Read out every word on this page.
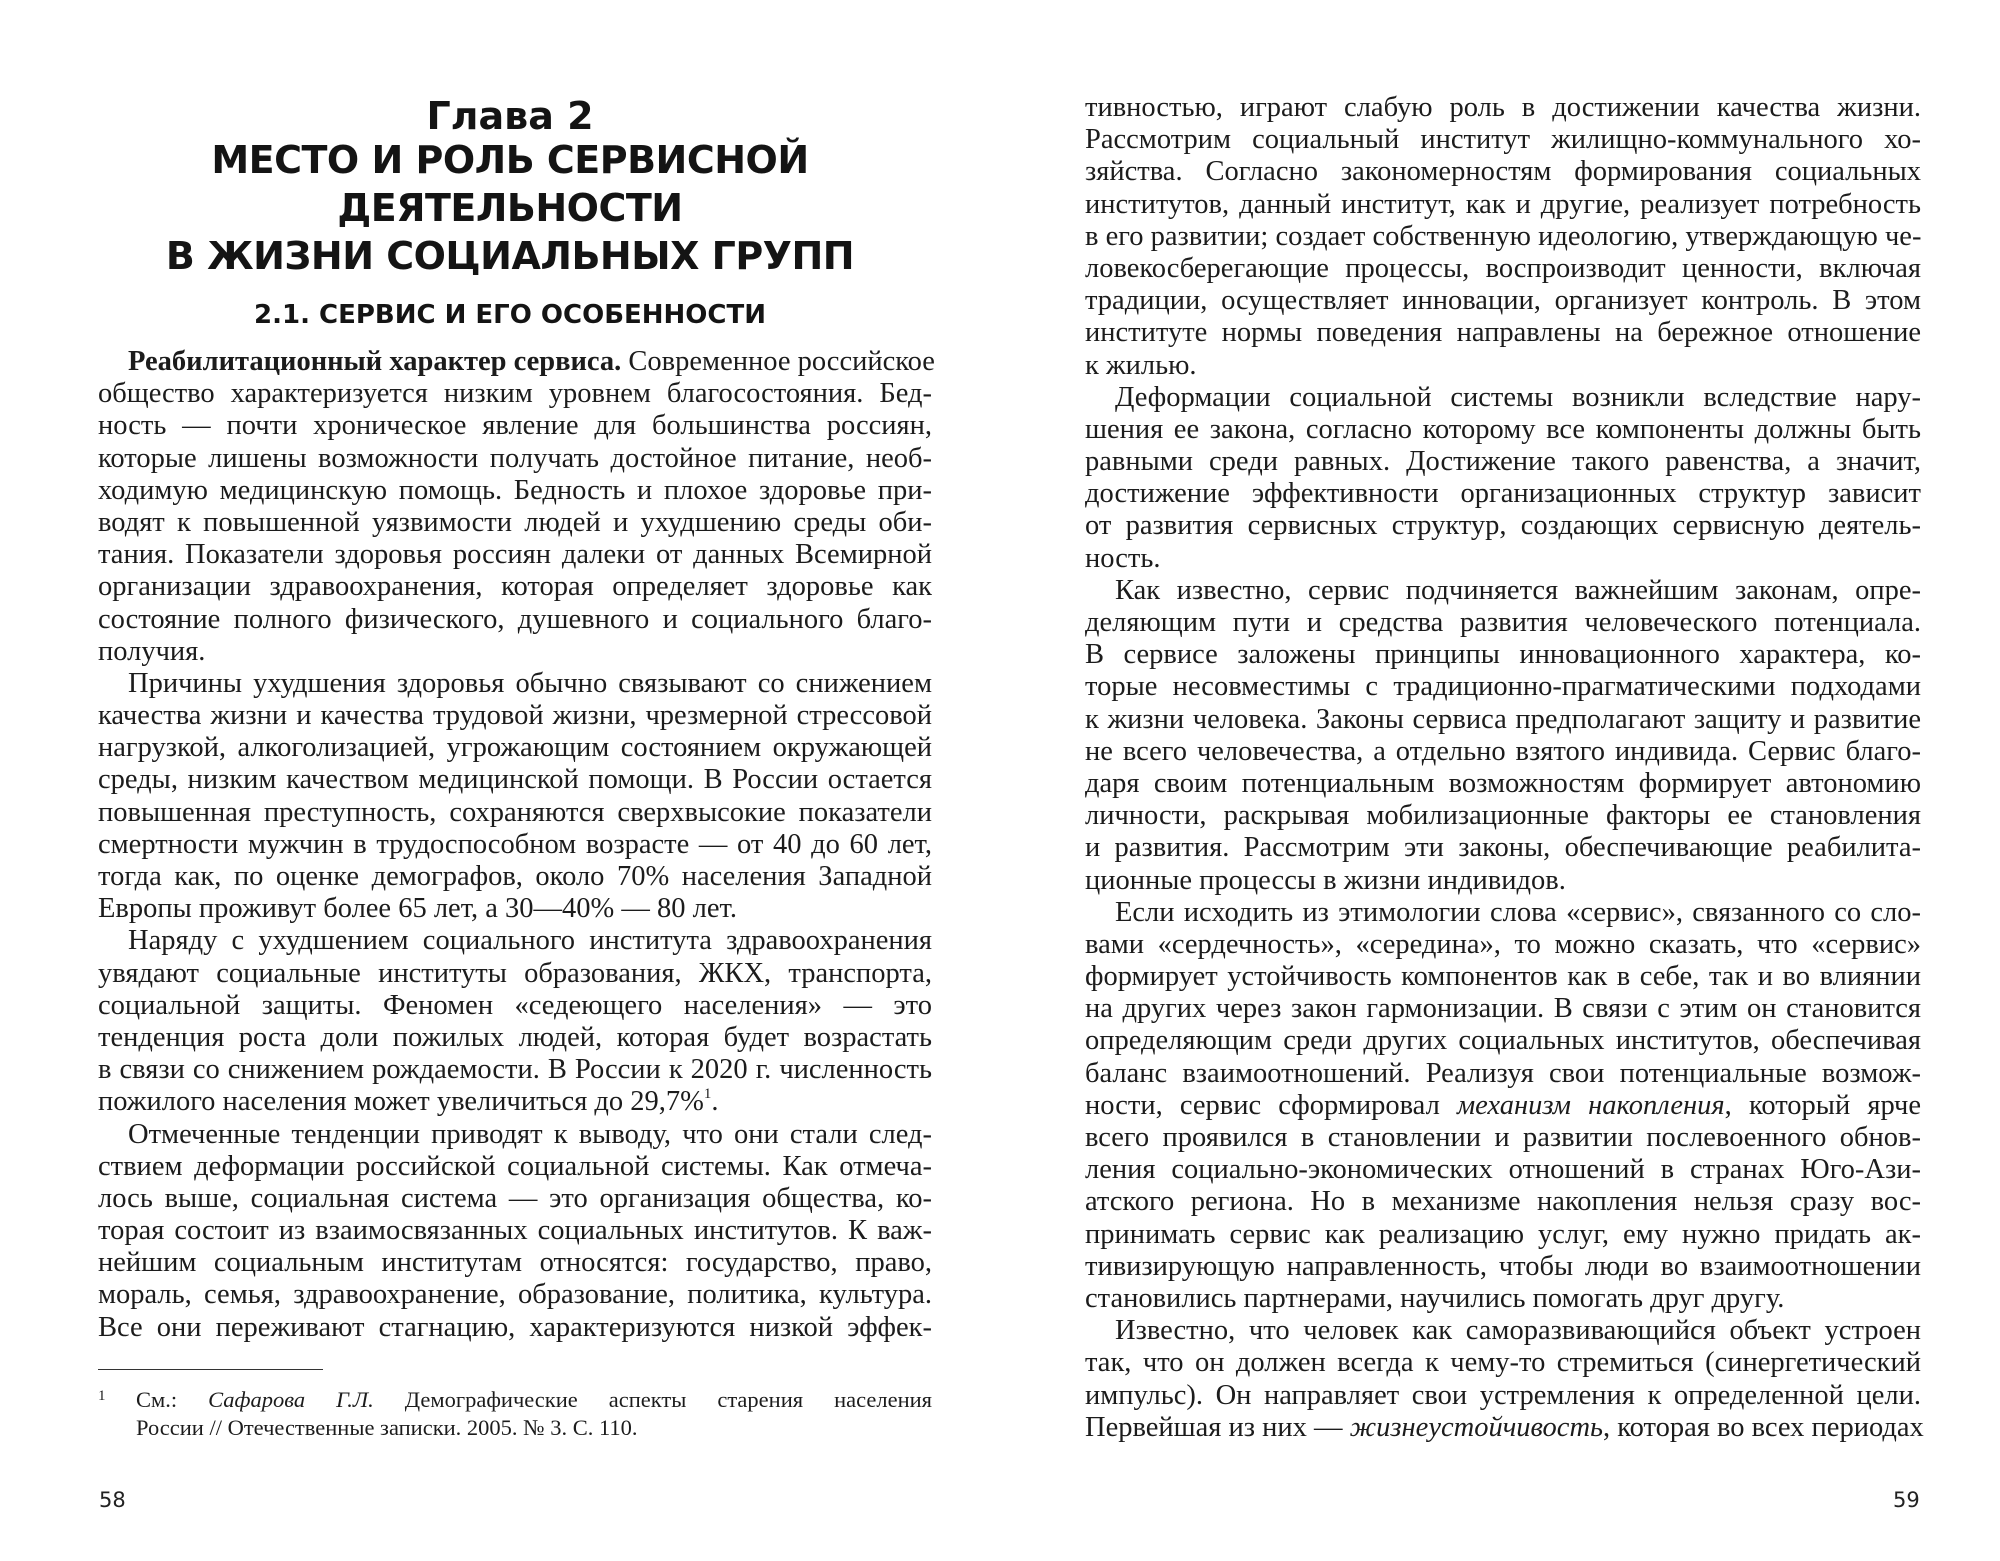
Глава 2
МЕСТО И РОЛЬ СЕРВИСНОЙ ДЕЯТЕЛЬНОСТИ
В ЖИЗНИ СОЦИАЛЬНЫХ ГРУПП
2.1. СЕРВИС И ЕГО ОСОБЕННОСТИ
Реабилитационный характер сервиса. Современное российское
общество характеризуется низким уровнем благосостояния. Бед-
ность — почти хроническое явление для большинства россиян,
которые лишены возможности получать достойное питание, необ-
ходимую медицинскую помощь. Бедность и плохое здоровье при-
водят к повышенной уязвимости людей и ухудшению среды оби-
тания. Показатели здоровья россиян далеки от данных Всемирной
организации здравоохранения, которая определяет здоровье как
состояние полного физического, душевного и социального благо-
получия.
Причины ухудшения здоровья обычно связывают со снижением
качества жизни и качества трудовой жизни, чрезмерной стрессовой
нагрузкой, алкоголизацией, угрожающим состоянием окружающей
среды, низким качеством медицинской помощи. В России остается
повышенная преступность, сохраняются сверхвысокие показатели
смертности мужчин в трудоспособном возрасте — от 40 до 60 лет,
тогда как, по оценке демографов, около 70% населения Западной
Европы проживут более 65 лет, а 30—40% — 80 лет.
Наряду с ухудшением социального института здравоохранения
увядают социальные институты образования, ЖКХ, транспорта,
социальной защиты. Феномен «седеющего населения» — это
тенденция роста доли пожилых людей, которая будет возрастать
в связи со снижением рождаемости. В России к 2020 г. численность
пожилого населения может увеличиться до 29,7%$^1$.
Отмеченные тенденции приводят к выводу, что они стали след-
ствием деформации российской социальной системы. Как отмеча-
лось выше, социальная система — это организация общества, ко-
торая состоит из взаимосвязанных социальных институтов. К важ-
нейшим социальным институтам относятся: государство, право,
мораль, семья, здравоохранение, образование, политика, культура.
Все они переживают стагнацию, характеризуются низкой эффек-
1	См.: Сафарова Г.Л. Демографические аспекты старения населения
России // Отечественные записки. 2005. № 3. С. 110.
58
тивностью, играют слабую роль в достижении качества жизни.
Рассмотрим социальный институт жилищно-коммунального хо-
зяйства. Согласно закономерностям формирования социальных
институтов, данный институт, как и другие, реализует потребность
в его развитии; создает собственную идеологию, утверждающую че-
ловекосберегающие процессы, воспроизводит ценности, включая
традиции, осуществляет инновации, организует контроль. В этом
институте нормы поведения направлены на бережное отношение
к жилью.
Деформации социальной системы возникли вследствие нару-
шения ее закона, согласно которому все компоненты должны быть
равными среди равных. Достижение такого равенства, а значит,
достижение эффективности организационных структур зависит
от развития сервисных структур, создающих сервисную деятель-
ность.
Как известно, сервис подчиняется важнейшим законам, опре-
деляющим пути и средства развития человеческого потенциала.
В сервисе заложены принципы инновационного характера, ко-
торые несовместимы с традиционно-прагматическими подходами
к жизни человека. Законы сервиса предполагают защиту и развитие
не всего человечества, а отдельно взятого индивида. Сервис благо-
даря своим потенциальным возможностям формирует автономию
личности, раскрывая мобилизационные факторы ее становления
и развития. Рассмотрим эти законы, обеспечивающие реабилита-
ционные процессы в жизни индивидов.
Если исходить из этимологии слова «сервис», связанного со сло-
вами «сердечность», «середина», то можно сказать, что «сервис»
формирует устойчивость компонентов как в себе, так и во влиянии
на других через закон гармонизации. В связи с этим он становится
определяющим среди других социальных институтов, обеспечивая
баланс взаимоотношений. Реализуя свои потенциальные возмож-
ности, сервис сформировал механизм накопления, который ярче
всего проявился в становлении и развитии послевоенного обнов-
ления социально-экономических отношений в странах Юго-Ази-
атского региона. Но в механизме накопления нельзя сразу вос-
принимать сервис как реализацию услуг, ему нужно придать ак-
тивизирующую направленность, чтобы люди во взаимоотношении
становились партнерами, научились помогать друг другу.
Известно, что человек как саморазвивающийся объект устроен
так, что он должен всегда к чему-то стремиться (синергетический
импульс). Он направляет свои устремления к определенной цели.
Первейшая из них — жизнеустойчивость, которая во всех периодах
59
